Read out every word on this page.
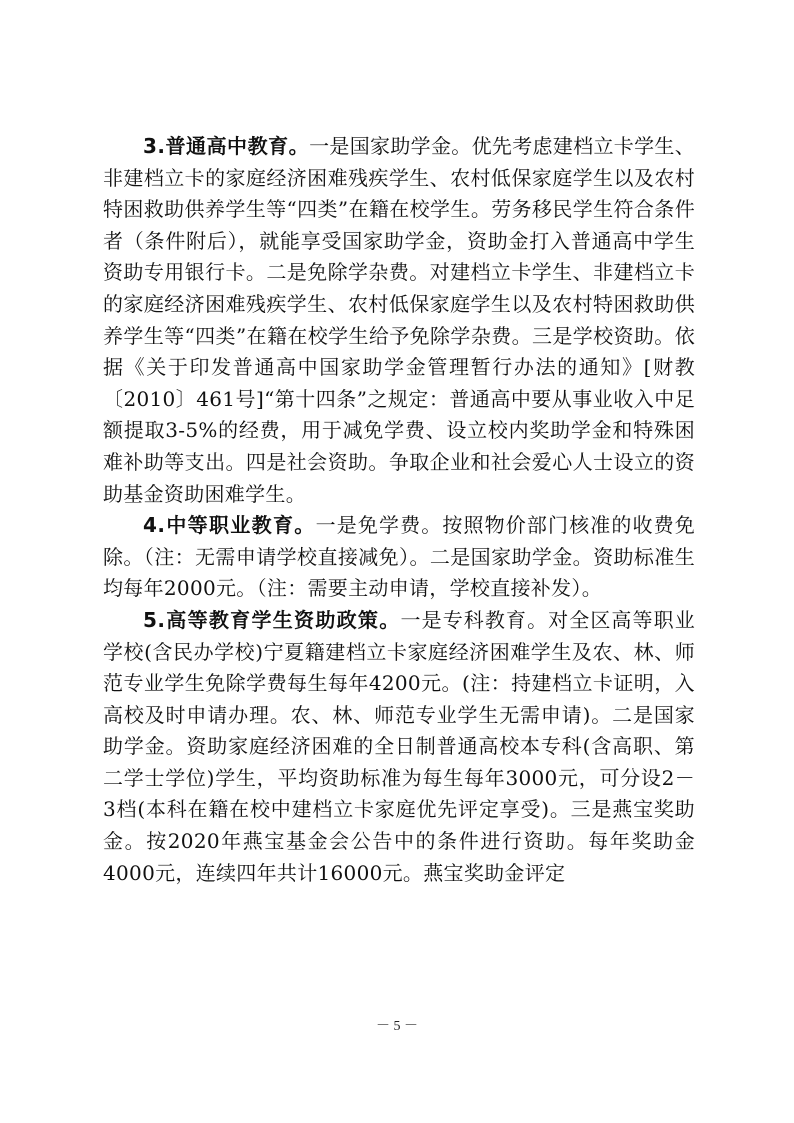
3.普通高中教育。一是国家助学金。优先考虑建档立卡学生、非建档立卡的家庭经济困难残疾学生、农村低保家庭学生以及农村特困救助供养学生等“四类”在籍在校学生。劳务移民学生符合条件者（条件附后），就能享受国家助学金，资助金打入普通高中学生资助专用银行卡。二是免除学杂费。对建档立卡学生、非建档立卡的家庭经济困难残疾学生、农村低保家庭学生以及农村特困救助供养学生等“四类”在籍在校学生给予免除学杂费。三是学校资助。依据《关于印发普通高中国家助学金管理暂行办法的通知》[财教〔2010〕461号]“第十四条”之规定：普通高中要从事业收入中足额提取3-5%的经费，用于减免学费、设立校内奖助学金和特殊困难补助等支出。四是社会资助。争取企业和社会爱心人士设立的资助基金资助困难学生。

4.中等职业教育。一是免学费。按照物价部门核准的收费免除。（注：无需申请学校直接减免）。二是国家助学金。资助标准生均每年2000元。（注：需要主动申请，学校直接补发）。

5.高等教育学生资助政策。一是专科教育。对全区高等职业学校(含民办学校)宁夏籍建档立卡家庭经济困难学生及农、林、师范专业学生免除学费每生每年4200元。(注：持建档立卡证明，入高校及时申请办理。农、林、师范专业学生无需申请)。二是国家助学金。资助家庭经济困难的全日制普通高校本专科(含高职、第二学士学位)学生，平均资助标准为每生每年3000元，可分设2－3档(本科在籍在校中建档立卡家庭优先评定享受)。三是燕宝奖助金。按2020年燕宝基金会公告中的条件进行资助。每年奖助金4000元，连续四年共计16000元。燕宝奖助金评定

－ 5 －
